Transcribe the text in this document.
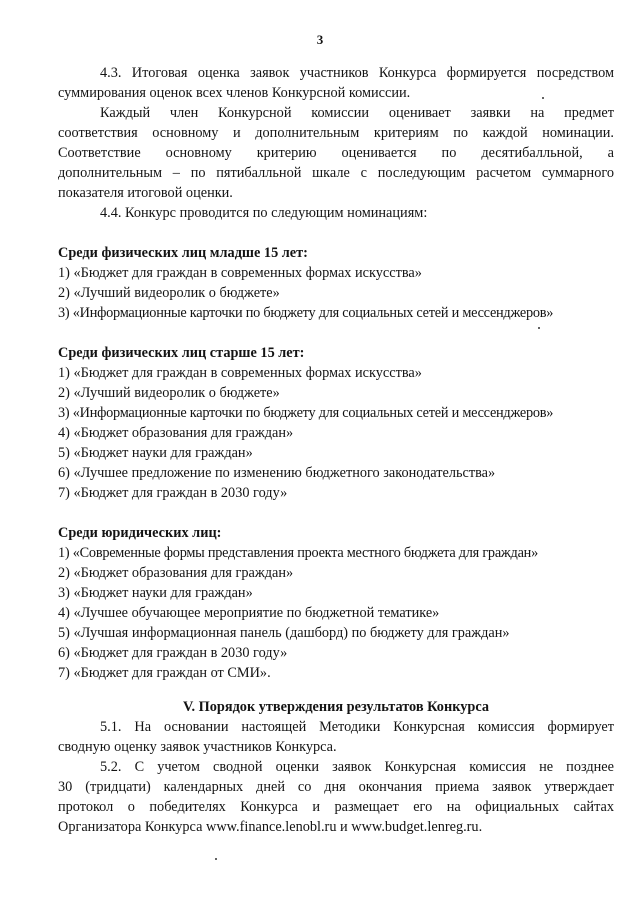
3
4.3. Итоговая оценка заявок участников Конкурса формируется посредством
суммирования оценок всех членов Конкурсной комиссии.
Каждый член Конкурсной комиссии оценивает заявки на предмет
соответствия основному и дополнительным критериям по каждой номинации.
Соответствие основному критерию оценивается по десятибалльной, а
дополнительным – по пятибалльной шкале с последующим расчетом суммарного
показателя итоговой оценки.
4.4. Конкурс проводится по следующим номинациям:
Среди физических лиц младше 15 лет:
1) «Бюджет для граждан в современных формах искусства»
2) «Лучший видеоролик о бюджете»
3) «Информационные карточки по бюджету для социальных сетей и мессенджеров»
Среди физических лиц старше 15 лет:
1) «Бюджет для граждан в современных формах искусства»
2) «Лучший видеоролик о бюджете»
3) «Информационные карточки по бюджету для социальных сетей и мессенджеров»
4) «Бюджет образования для граждан»
5) «Бюджет науки для граждан»
6) «Лучшее предложение по изменению бюджетного законодательства»
7) «Бюджет для граждан в 2030 году»
Среди юридических лиц:
1) «Современные формы представления проекта местного бюджета для граждан»
2) «Бюджет образования для граждан»
3) «Бюджет науки для граждан»
4) «Лучшее обучающее мероприятие по бюджетной тематике»
5) «Лучшая информационная панель (дашборд) по бюджету для граждан»
6) «Бюджет для граждан в 2030 году»
7) «Бюджет для граждан от СМИ».
V. Порядок утверждения результатов Конкурса
5.1. На основании настоящей Методики Конкурсная комиссия формирует
сводную оценку заявок участников Конкурса.
5.2. С учетом сводной оценки заявок Конкурсная комиссия не позднее
30 (тридцати) календарных дней со дня окончания приема заявок утверждает
протокол о победителях Конкурса и размещает его на официальных сайтах
Организатора Конкурса www.finance.lenobl.ru и www.budget.lenreg.ru.
